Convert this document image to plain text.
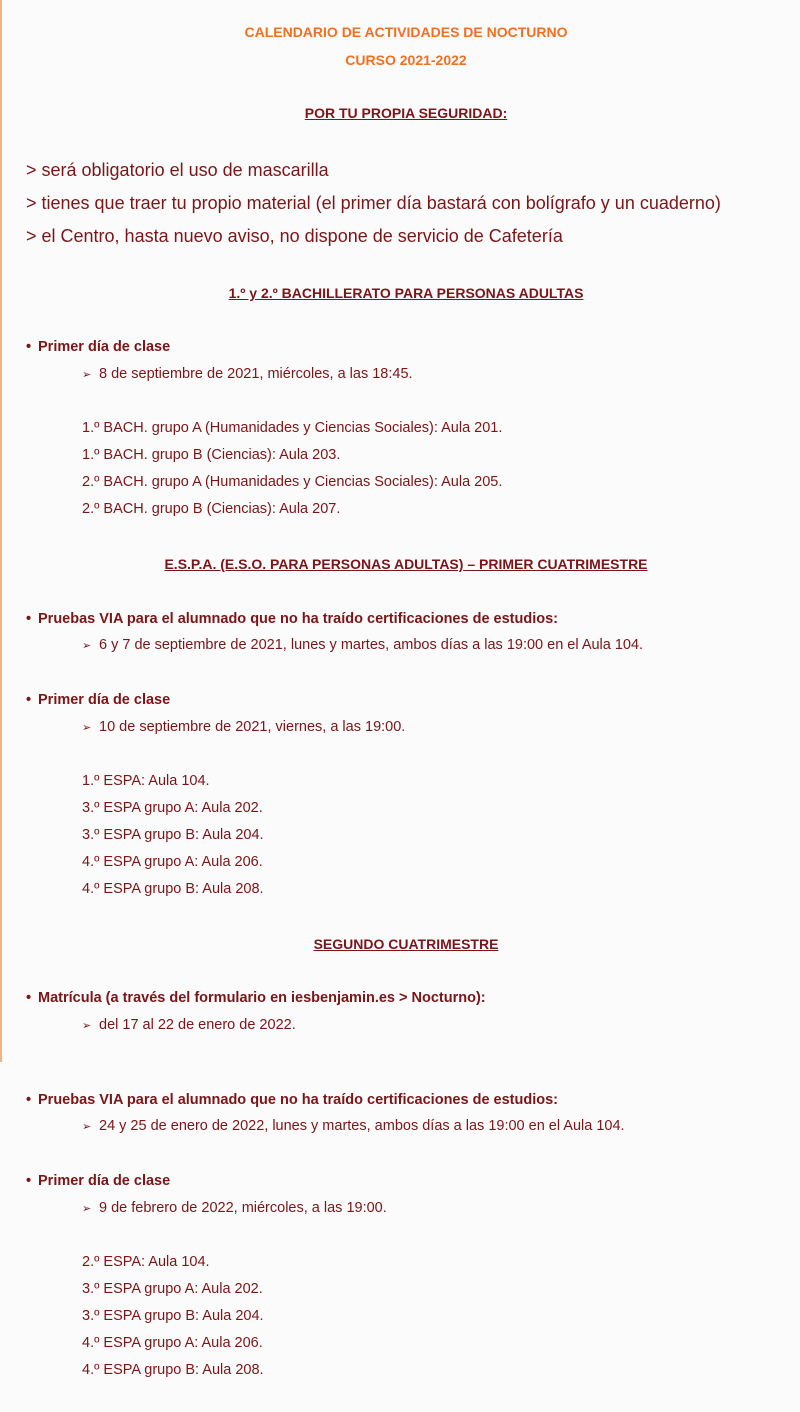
CALENDARIO DE ACTIVIDADES DE NOCTURNO
CURSO 2021-2022
POR TU PROPIA SEGURIDAD:
> será obligatorio el uso de mascarilla
> tienes que traer tu propio material (el primer día bastará con bolígrafo y un cuaderno)
> el Centro, hasta nuevo aviso, no dispone de servicio de Cafetería
1.º y 2.º BACHILLERATO PARA PERSONAS ADULTAS
• Primer día de clase
➢ 8 de septiembre de 2021, miércoles, a las 18:45.
1.º BACH. grupo A (Humanidades y Ciencias Sociales): Aula 201.
1.º BACH. grupo B (Ciencias): Aula 203.
2.º BACH. grupo A (Humanidades y Ciencias Sociales): Aula 205.
2.º BACH. grupo B (Ciencias): Aula 207.
E.S.P.A. (E.S.O. PARA PERSONAS ADULTAS) – PRIMER CUATRIMESTRE
• Pruebas VIA para el alumnado que no ha traído certificaciones de estudios:
➢ 6 y 7 de septiembre de 2021, lunes y martes, ambos días a las 19:00 en el Aula 104.
• Primer día de clase
➢ 10 de septiembre de 2021, viernes, a las 19:00.
1.º ESPA: Aula 104.
3.º ESPA grupo A: Aula 202.
3.º ESPA grupo B: Aula 204.
4.º ESPA grupo A: Aula 206.
4.º ESPA grupo B: Aula 208.
SEGUNDO CUATRIMESTRE
• Matrícula (a través del formulario en iesbenjamin.es > Nocturno):
➢ del 17 al 22 de enero de 2022.
• Pruebas VIA para el alumnado que no ha traído certificaciones de estudios:
➢ 24 y 25 de enero de 2022, lunes y martes, ambos días a las 19:00 en el Aula 104.
• Primer día de clase
➢ 9 de febrero de 2022, miércoles, a las 19:00.
2.º ESPA: Aula 104.
3.º ESPA grupo A: Aula 202.
3.º ESPA grupo B: Aula 204.
4.º ESPA grupo A: Aula 206.
4.º ESPA grupo B: Aula 208.
